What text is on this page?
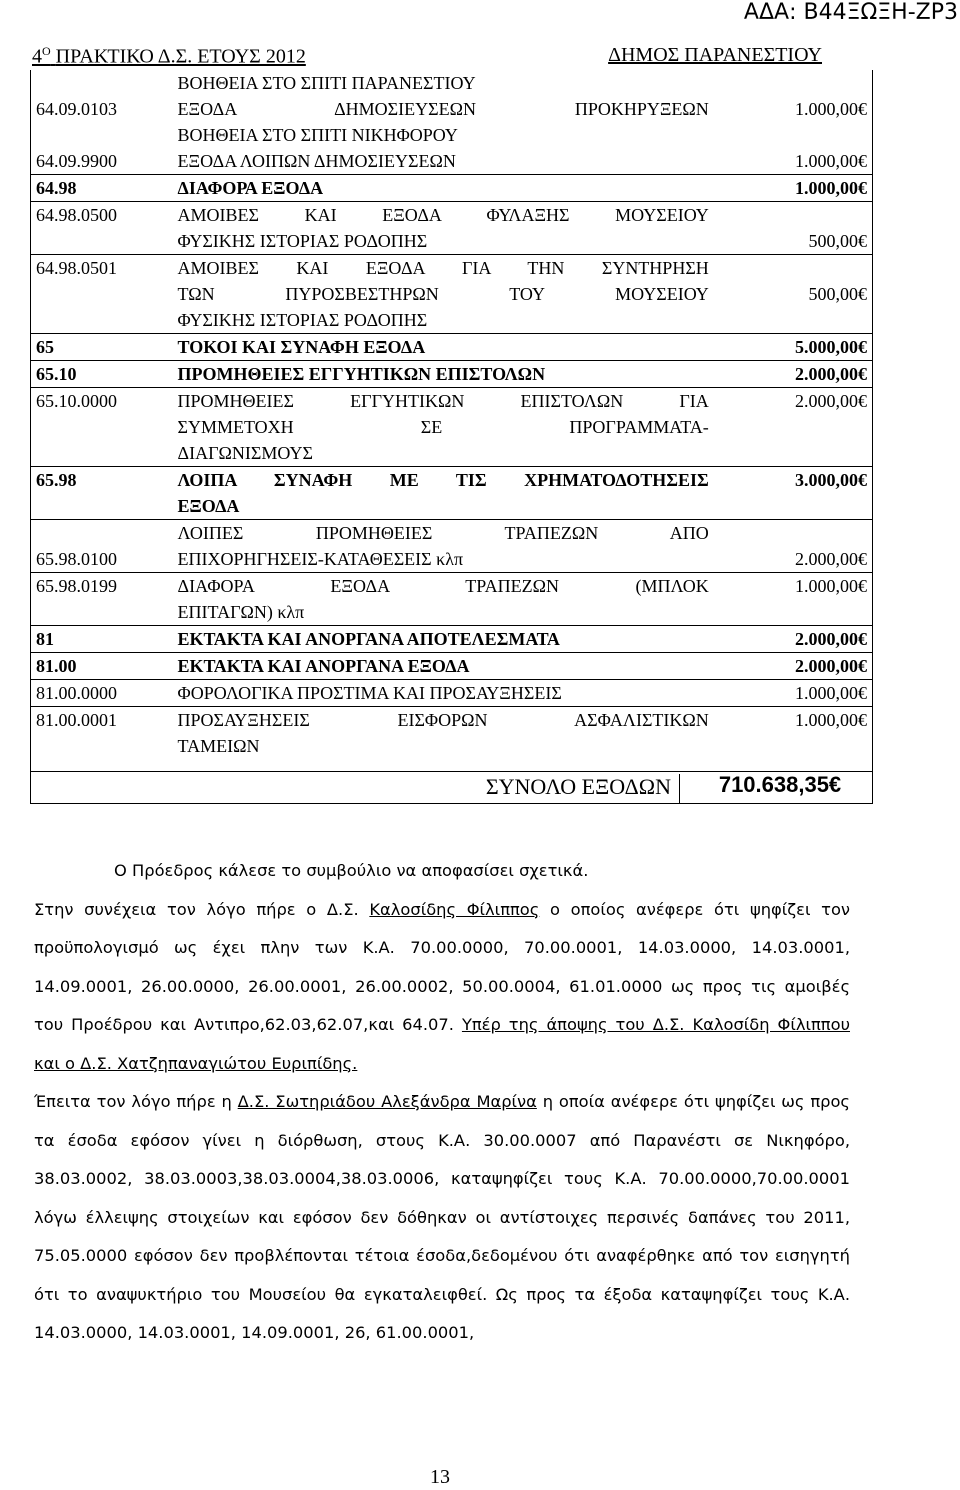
ΑΔΑ: Β44ΞΩΞΗ-ΖΡ3
$4^O$ ΠΡΑΚΤΙΚΟ Δ.Σ. ΕΤΟΥΣ 2012	ΔΗΜΟΣ ΠΑΡΑΝΕΣΤΙΟΥ

	ΒΟΗΘΕΙΑ ΣΤΟ ΣΠΙΤΙ ΠΑΡΑΝΕΣΤΙΟΥ	

64.09.0103	ΕΞΟΔΑ ΔΗΜΟΣΙΕΥΣΕΩΝ ΠΡΟΚΗΡΥΞΕΩΝ
ΒΟΗΘΕΙΑ ΣΤΟ ΣΠΙΤΙ ΝΙΚΗΦΟΡΟΥ	1.000,00€
64.09.9900	ΕΞΟΔΑ ΛΟΙΠΩΝ ΔΗΜΟΣΙΕΥΣΕΩΝ	1.000,00€
64.98	ΔΙΑΦΟΡΑ ΕΞΟΔΑ	1.000,00€
64.98.0500	ΑΜΟΙΒΕΣ ΚΑΙ ΕΞΟΔΑ ΦΥΛΑΞΗΣ ΜΟΥΣΕΙΟΥ
ΦΥΣΙΚΗΣ ΙΣΤΟΡΙΑΣ ΡΟΔΟΠΗΣ	500,00€
64.98.0501	ΑΜΟΙΒΕΣ ΚΑΙ ΕΞΟΔΑ ΓΙΑ ΤΗΝ ΣΥΝΤΗΡΗΣΗ
ΤΩΝ ΠΥΡΟΣΒΕΣΤΗΡΩΝ ΤΟΥ ΜΟΥΣΕΙΟΥ
ΦΥΣΙΚΗΣ ΙΣΤΟΡΙΑΣ ΡΟΔΟΠΗΣ	500,00€
65	ΤΟΚΟΙ ΚΑΙ ΣΥΝΑΦΗ ΕΞΟΔΑ	5.000,00€
65.10	ΠΡΟΜΗΘΕΙΕΣ ΕΓΓΥΗΤΙΚΩΝ ΕΠΙΣΤΟΛΩΝ	2.000,00€
65.10.0000	ΠΡΟΜΗΘΕΙΕΣ ΕΓΓΥΗΤΙΚΩΝ ΕΠΙΣΤΟΛΩΝ ΓΙΑ
ΣΥΜΜΕΤΟΧΗ ΣΕ ΠΡΟΓΡΑΜΜΑΤΑ-
ΔΙΑΓΩΝΙΣΜΟΥΣ	2.000,00€
65.98	ΛΟΙΠΑ ΣΥΝΑΦΗ ΜΕ ΤΙΣ ΧΡΗΜΑΤΟΔΟΤΗΣΕΙΣ
ΕΞΟΔΑ	3.000,00€
65.98.0100	ΛΟΙΠΕΣ ΠΡΟΜΗΘΕΙΕΣ ΤΡΑΠΕΖΩΝ ΑΠΟ
ΕΠΙΧΟΡΗΓΗΣΕΙΣ-ΚΑΤΑΘΕΣΕΙΣ κλπ	2.000,00€
65.98.0199	ΔΙΑΦΟΡΑ ΕΞΟΔΑ ΤΡΑΠΕΖΩΝ (ΜΠΛΟΚ
ΕΠΙΤΑΓΩΝ) κλπ	1.000,00€
81	ΕΚΤΑΚΤΑ ΚΑΙ ΑΝΟΡΓΑΝΑ ΑΠΟΤΕΛΕΣΜΑΤΑ	2.000,00€
81.00	ΕΚΤΑΚΤΑ ΚΑΙ ΑΝΟΡΓΑΝΑ ΕΞΟΔΑ	2.000,00€
81.00.0000	ΦΟΡΟΛΟΓΙΚΑ ΠΡΟΣΤΙΜΑ ΚΑΙ ΠΡΟΣΑΥΞΗΣΕΙΣ	1.000,00€
81.00.0001	ΠΡΟΣΑΥΞΗΣΕΙΣ ΕΙΣΦΟΡΩΝ ΑΣΦΑΛΙΣΤΙΚΩΝ
ΤΑΜΕΙΩΝ	1.000,00€
ΣΥΝΟΛΟ ΕΞΟΔΩΝ	710.638,35€

Ο Πρόεδρος κάλεσε το συμβούλιο να αποφασίσει σχετικά.

Στην συνέχεια τον λόγο πήρε ο Δ.Σ. Καλοσίδης Φίλιππος ο οποίος ανέφερε ότι ψηφίζει τον προϋπολογισμό ως έχει πλην των Κ.Α. 70.00.0000, 70.00.0001, 14.03.0000, 14.03.0001, 14.09.0001, 26.00.0000, 26.00.0001, 26.00.0002, 50.00.0004, 61.01.0000 ως προς τις αμοιβές του Προέδρου και Αντιπρο,62.03,62.07,και 64.07. Υπέρ της άποψης του Δ.Σ. Καλοσίδη Φίλιππου και ο Δ.Σ. Χατζηπαναγιώτου Ευριπίδης.

Έπειτα τον λόγο πήρε η Δ.Σ. Σωτηριάδου Αλεξάνδρα Μαρίνα η οποία ανέφερε ότι ψηφίζει ως προς τα έσοδα εφόσον γίνει η διόρθωση, στους Κ.Α. 30.00.0007 από Παρανέστι σε Νικηφόρο, 38.03.0002, 38.03.0003,38.03.0004,38.03.0006, καταψηφίζει τους Κ.Α. 70.00.0000,70.00.0001 λόγω έλλειψης στοιχείων και εφόσον δεν δόθηκαν οι αντίστοιχες περσινές δαπάνες του 2011, 75.05.0000 εφόσον δεν προβλέπονται τέτοια έσοδα,δεδομένου ότι αναφέρθηκε από τον εισηγητή ότι το αναψυκτήριο του Μουσείου θα εγκαταλειφθεί. Ως προς τα έξοδα καταψηφίζει τους Κ.Α. 14.03.0000, 14.03.0001, 14.09.0001, 26, 61.00.0001,

13
